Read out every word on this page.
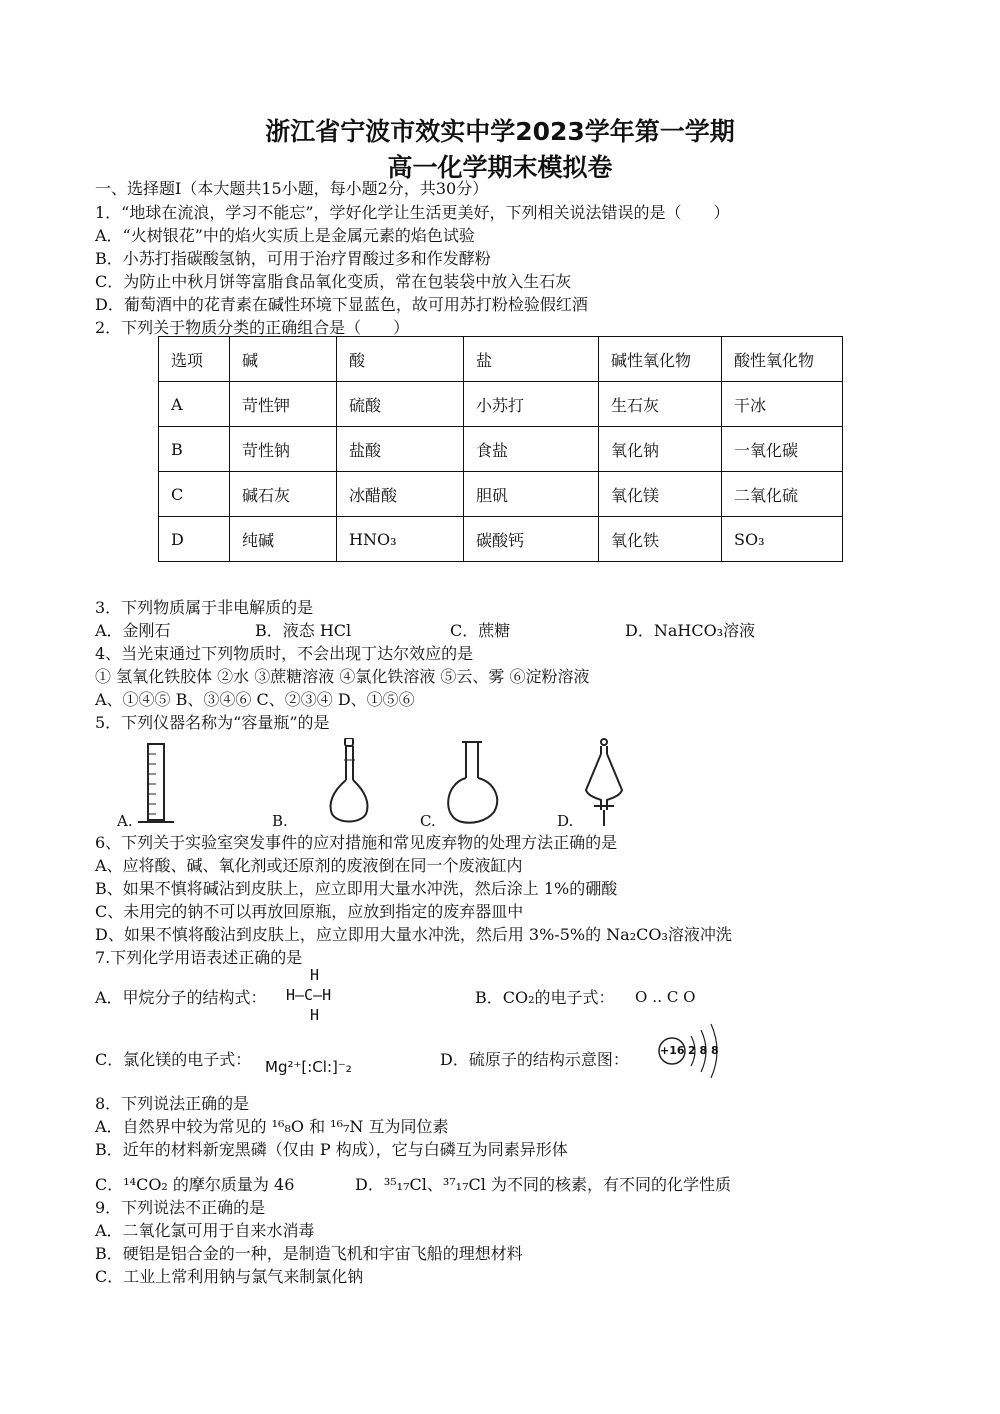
浙江省宁波市效实中学2023学年第一学期
高一化学期末模拟卷
一、选择题Ⅰ（本大题共15小题，每小题2分，共30分）
1．“地球在流浪，学习不能忘”，学好化学让生活更美好，下列相关说法错误的是（　　）
A．“火树银花”中的焰火实质上是金属元素的焰色试验
B．小苏打指碳酸氢钠，可用于治疗胃酸过多和作发酵粉
C．为防止中秋月饼等富脂食品氧化变质，常在包装袋中放入生石灰
D．葡萄酒中的花青素在碱性环境下显蓝色，故可用苏打粉检验假红酒
2．下列关于物质分类的正确组合是（　　）
选项	碱	酸	盐	碱性氧化物	酸性氧化物
A	苛性钾	硫酸	小苏打	生石灰	干冰
B	苛性钠	盐酸	食盐	氧化钠	一氧化碳
C	碱石灰	冰醋酸	胆矾	氧化镁	二氧化硫
D	纯碱	HNO₃	碳酸钙	氧化铁	SO₃
3．下列物质属于非电解质的是
A．金刚石	B．液态 HCl	C．蔗糖	D．NaHCO₃溶液
4、当光束通过下列物质时，不会出现丁达尔效应的是
① 氢氧化铁胶体 ②水 ③蔗糖溶液 ④氯化铁溶液 ⑤云、雾 ⑥淀粉溶液
A、①④⑤ B、③④⑥ C、②③④ D、①⑤⑥
5．下列仪器名称为“容量瓶”的是
A.	B.	C.	D.
6、下列关于实验室突发事件的应对措施和常见废弃物的处理方法正确的是
A、应将酸、碱、氧化剂或还原剂的废液倒在同一个废液缸内
B、如果不慎将碱沾到皮肤上，应立即用大量水冲洗，然后涂上 1%的硼酸
C、未用完的钠不可以再放回原瓶，应放到指定的废弃器皿中
D、如果不慎将酸沾到皮肤上，应立即用大量水冲洗，然后用 3%-5%的 Na₂CO₃溶液冲洗
7.下列化学用语表述正确的是
A．甲烷分子的结构式：
H
H—C—H
H
B．CO₂的电子式： O ‥ C O
C．氯化镁的电子式： Mg²⁺[:Cl:]⁻₂	D．硫原子的结构示意图：	+16 2 8 8
8．下列说法正确的是
A．自然界中较为常见的 ¹⁶₈O 和 ¹⁶₇N 互为同位素
B．近年的材料新宠黑磷（仅由 P 构成），它与白磷互为同素异形体
C．¹⁴CO₂ 的摩尔质量为 46	D．³⁵₁₇Cl、³⁷₁₇Cl 为不同的核素，有不同的化学性质
9．下列说法不正确的是
A．二氧化氯可用于自来水消毒
B．硬铝是铝合金的一种，是制造飞机和宇宙飞船的理想材料
C．工业上常利用钠与氯气来制氯化钠
